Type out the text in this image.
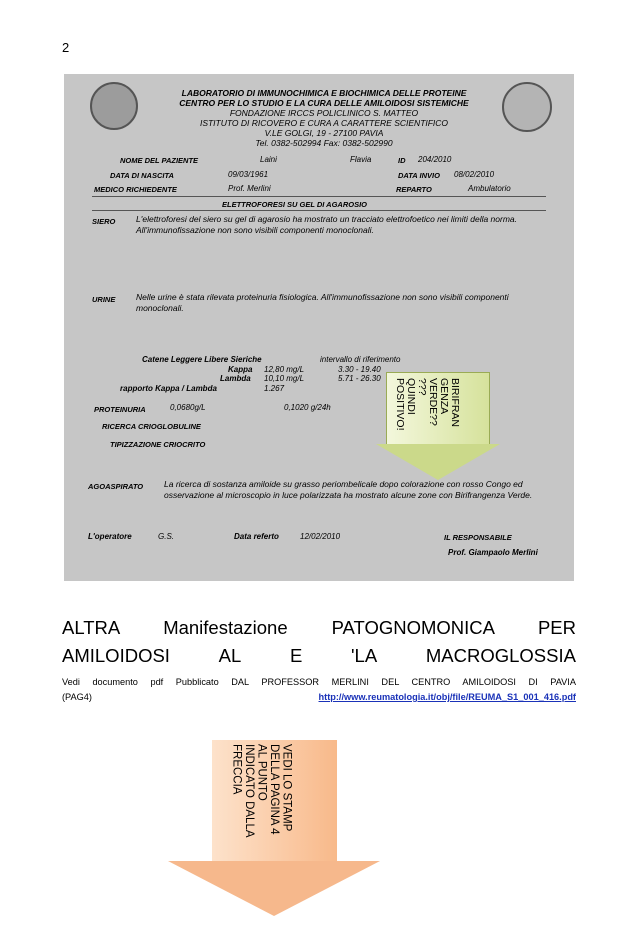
2
LABORATORIO DI IMMUNOCHIMICA E BIOCHIMICA DELLE PROTEINE
CENTRO PER LO STUDIO E LA CURA DELLE AMILOIDOSI SISTEMICHE
FONDAZIONE IRCCS POLICLINICO S. MATTEO
ISTITUTO DI RICOVERO E CURA A CARATTERE SCIENTIFICO
V.LE GOLGI, 19 - 27100 PAVIA
Tel. 0382-502994 Fax: 0382-502990
NOME DEL PAZIENTE	Laini	Flavia	ID 204/2010
DATA DI NASCITA	09/03/1961	DATA INVIO 08/02/2010
MEDICO RICHIEDENTE	Prof. Merlini	REPARTO	Ambulatorio
ELETTROFORESI SU GEL DI AGAROSIO
SIERO L'elettroforesi del siero su gel di agarosio ha mostrato un tracciato elettrofoetico nei limiti della norma. All'immunofissazione non sono visibili componenti monoclonali.
URINE Nelle urine è stata rilevata proteinuria fisiologica. All'immunofissazione non sono visibili componenti monoclonali.
Catene Leggere Libere Sieriche	intervallo di riferimento
Kappa 12,80 mg/L	3.30 - 19.40
Lambda 10,10 mg/L	5.71 - 26.30
rapporto Kappa / Lambda	1.267
PROTEINURIA	0,0680g/L	0,1020 g/24h
RICERCA CRIOGLOBULINE
TIPIZZAZIONE CRIOCRITO
AGOASPIRATO La ricerca di sostanza amiloide su grasso periombelicale dopo colorazione con rosso Congo ed osservazione al microscopio in luce polarizzata ha mostrato alcune zone con Birifrangenza Verde.
L'operatore	G.S.	Data referto	12/02/2010	IL RESPONSABILE
Prof. Giampaolo Merlini
BIRIFRAN
GENZA
VERDE??
???
QUINDI
POSITIVO!
ALTRA Manifestazione PATOGNOMONICA PER
AMILOIDOSI	AL	E	'LA	MACROGLOSSIA
Vedi documento pdf Pubblicato DAL PROFESSOR MERLINI DEL CENTRO AMILOIDOSI DI PAVIA
(PAG4)	http://www.reumatologia.it/obj/file/REUMA_S1_001_416.pdf
VEDI LO STAMP
DELLA PAGINA 4
AL PUNTO
INDICATO DALLA
FRECCIA
